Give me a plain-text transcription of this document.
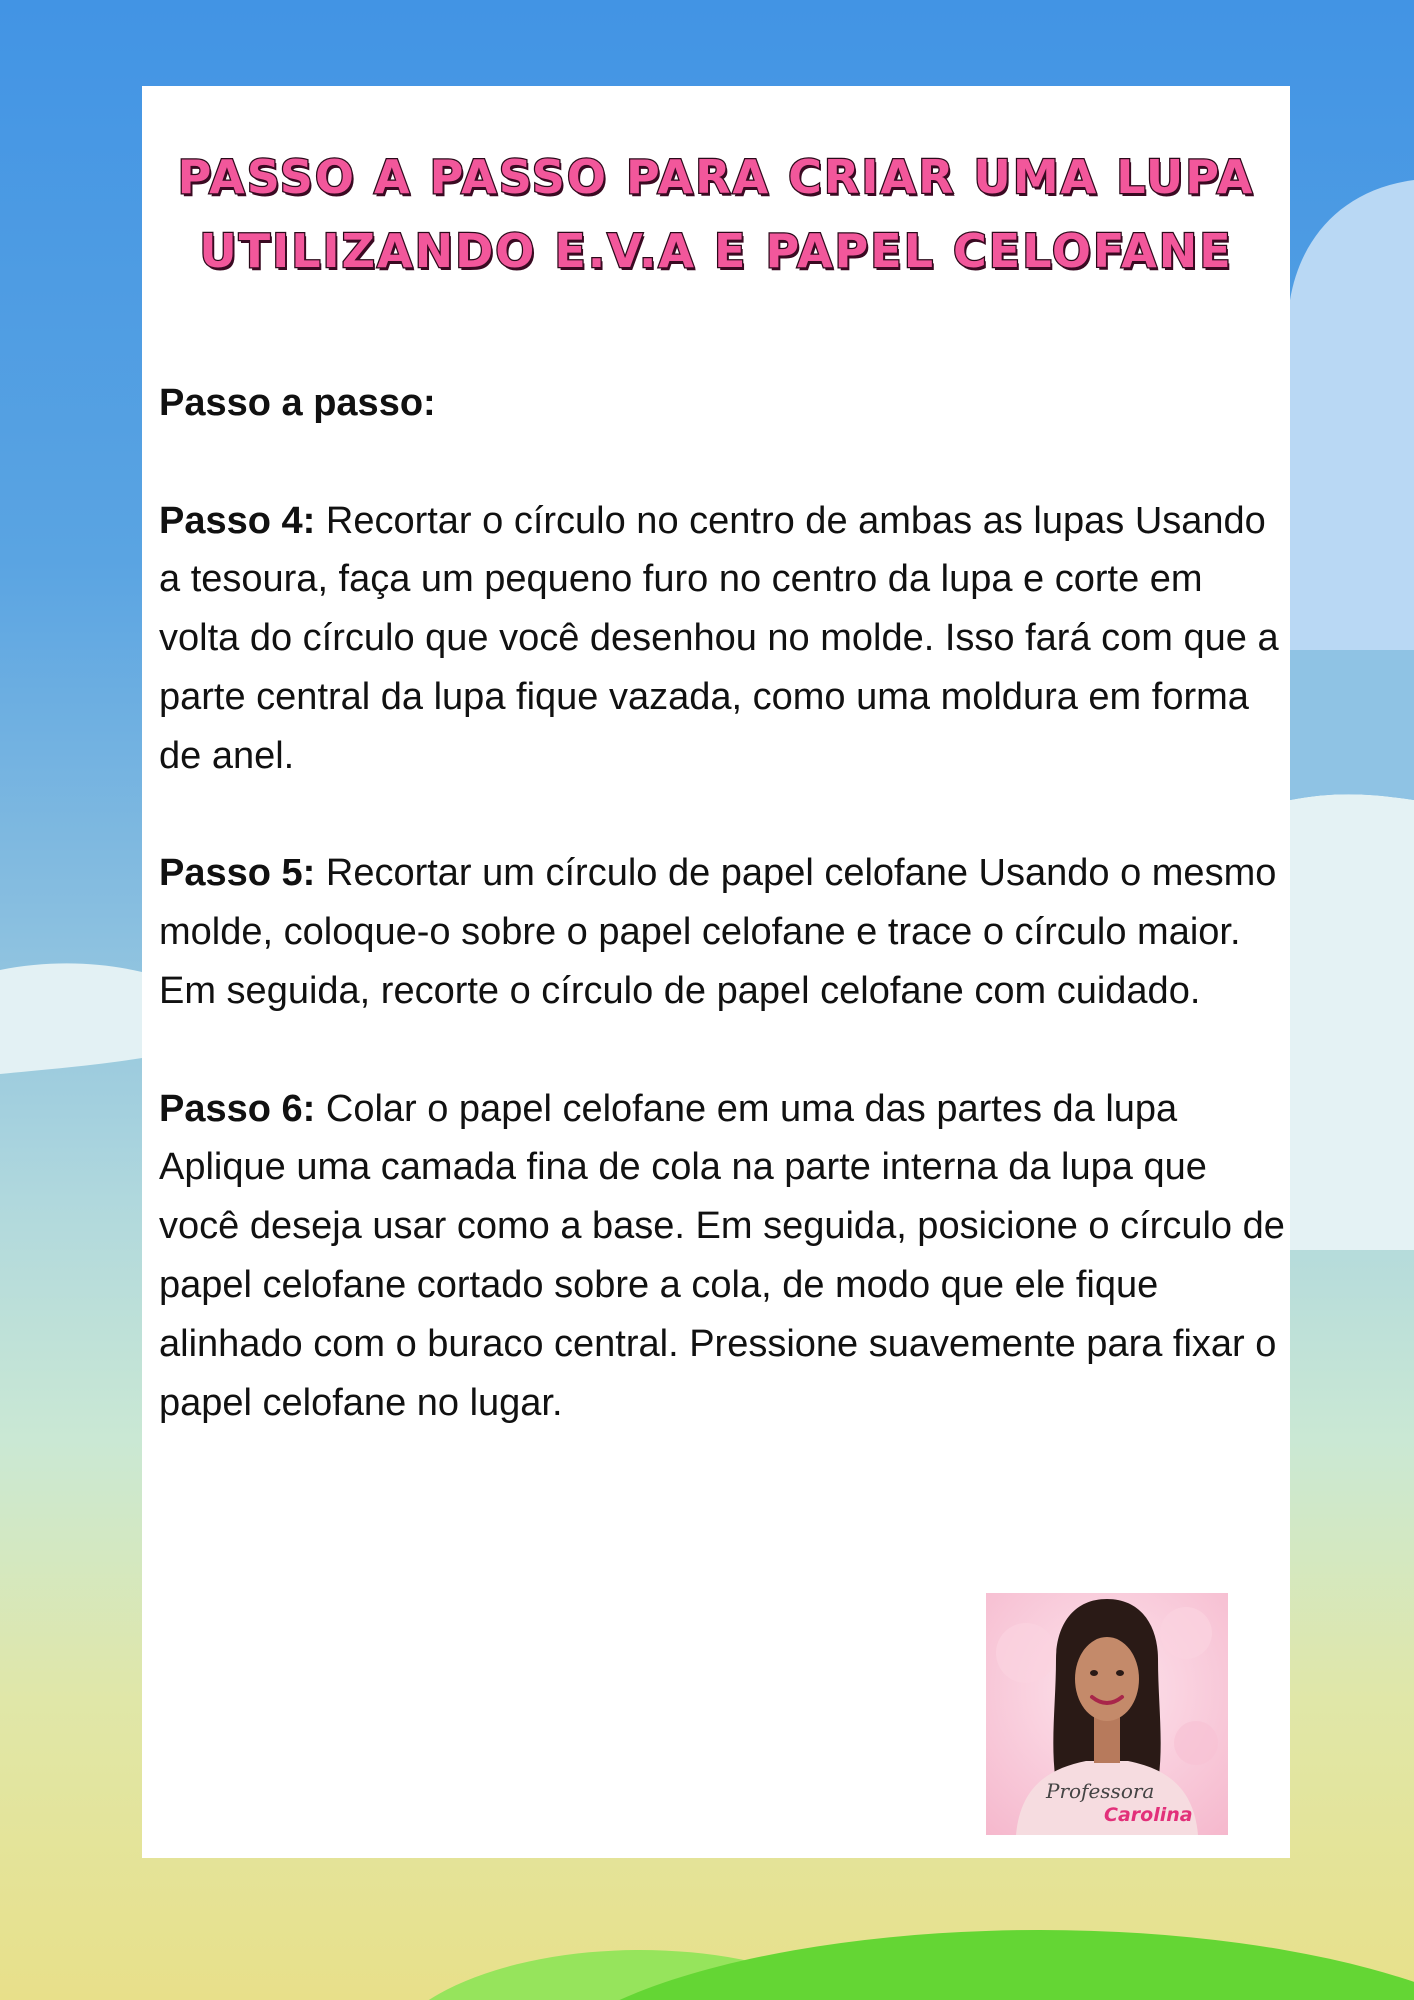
PASSO A PASSO PARA CRIAR UMA LUPA
UTILIZANDO E.V.A E PAPEL CELOFANE

Passo a passo:

Passo 4: Recortar o círculo no centro de ambas as lupas Usando a tesoura, faça um pequeno furo no centro da lupa e corte em volta do círculo que você desenhou no molde. Isso fará com que a parte central da lupa fique vazada, como uma moldura em forma de anel.

Passo 5: Recortar um círculo de papel celofane Usando o mesmo molde, coloque-o sobre o papel celofane e trace o círculo maior. Em seguida, recorte o círculo de papel celofane com cuidado.

Passo 6: Colar o papel celofane em uma das partes da lupa Aplique uma camada fina de cola na parte interna da lupa que você deseja usar como a base. Em seguida, posicione o círculo de papel celofane cortado sobre a cola, de modo que ele fique alinhado com o buraco central. Pressione suavemente para fixar o papel celofane no lugar.

Professora
Carolina
